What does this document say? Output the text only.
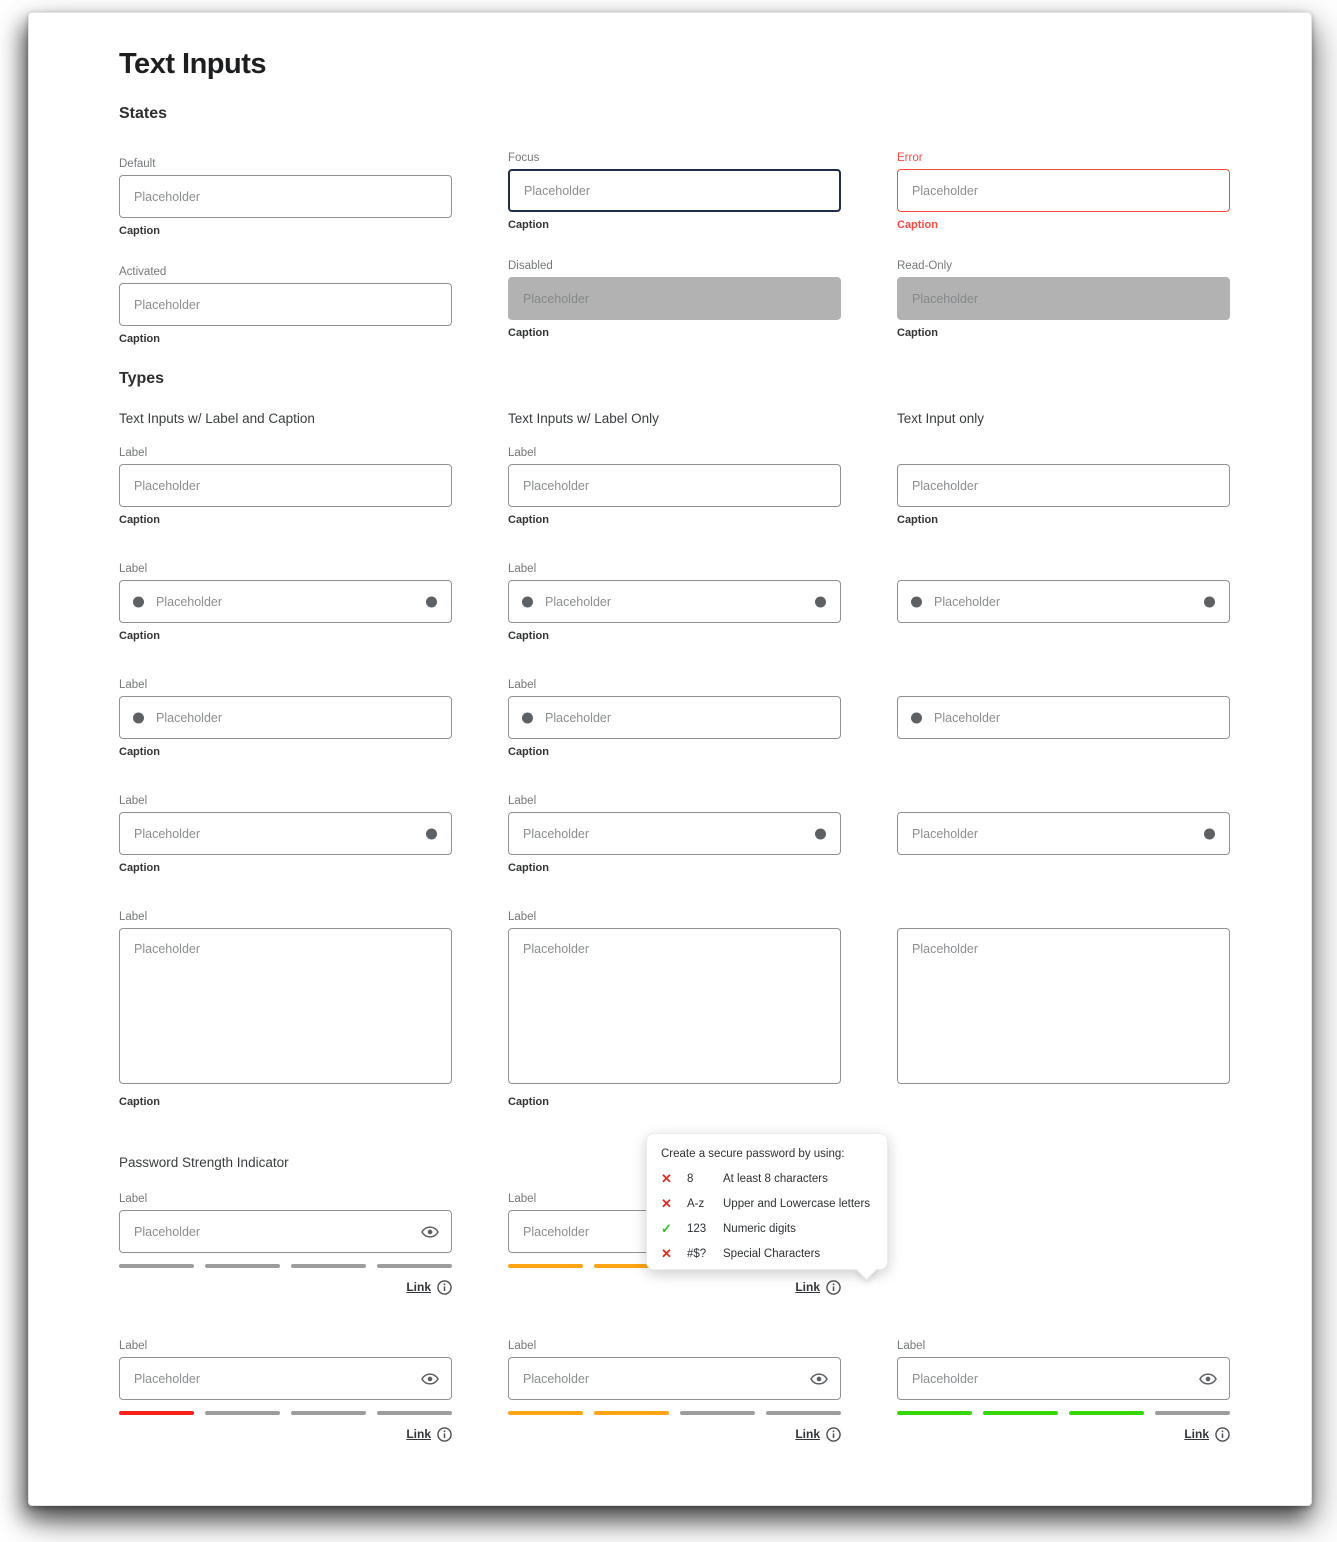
Text Inputs
States
Default
Placeholder
Caption
Focus
Placeholder
Caption
Error
Placeholder
Caption
Activated
Placeholder
Caption
Disabled
Placeholder
Caption
Read-Only
Placeholder
Caption
Types
Text Inputs w/ Label and Caption	Text Inputs w/ Label Only	Text Input only
Label
Placeholder
Caption
Label
Placeholder
Caption
Placeholder	Caption
Label
Placeholder
Caption
Label
Placeholder
Caption
Placeholder
Label
Placeholder
Caption
Label
Placeholder
Caption
Placeholder
Label
Placeholder
Caption
Label
Placeholder
Caption
Placeholder
Label
Placeholder
Caption
Label
Placeholder
Caption
Placeholder
Password Strength Indicator
Label
Link
Label
Link
Create a secure password by using:
✕	8	At least 8 characters
✕	A-z	Upper and Lowercase letters
✓	123	Numeric digits
✕	#$?	Special Characters
Label
Link
Label
Link
Label
Link
